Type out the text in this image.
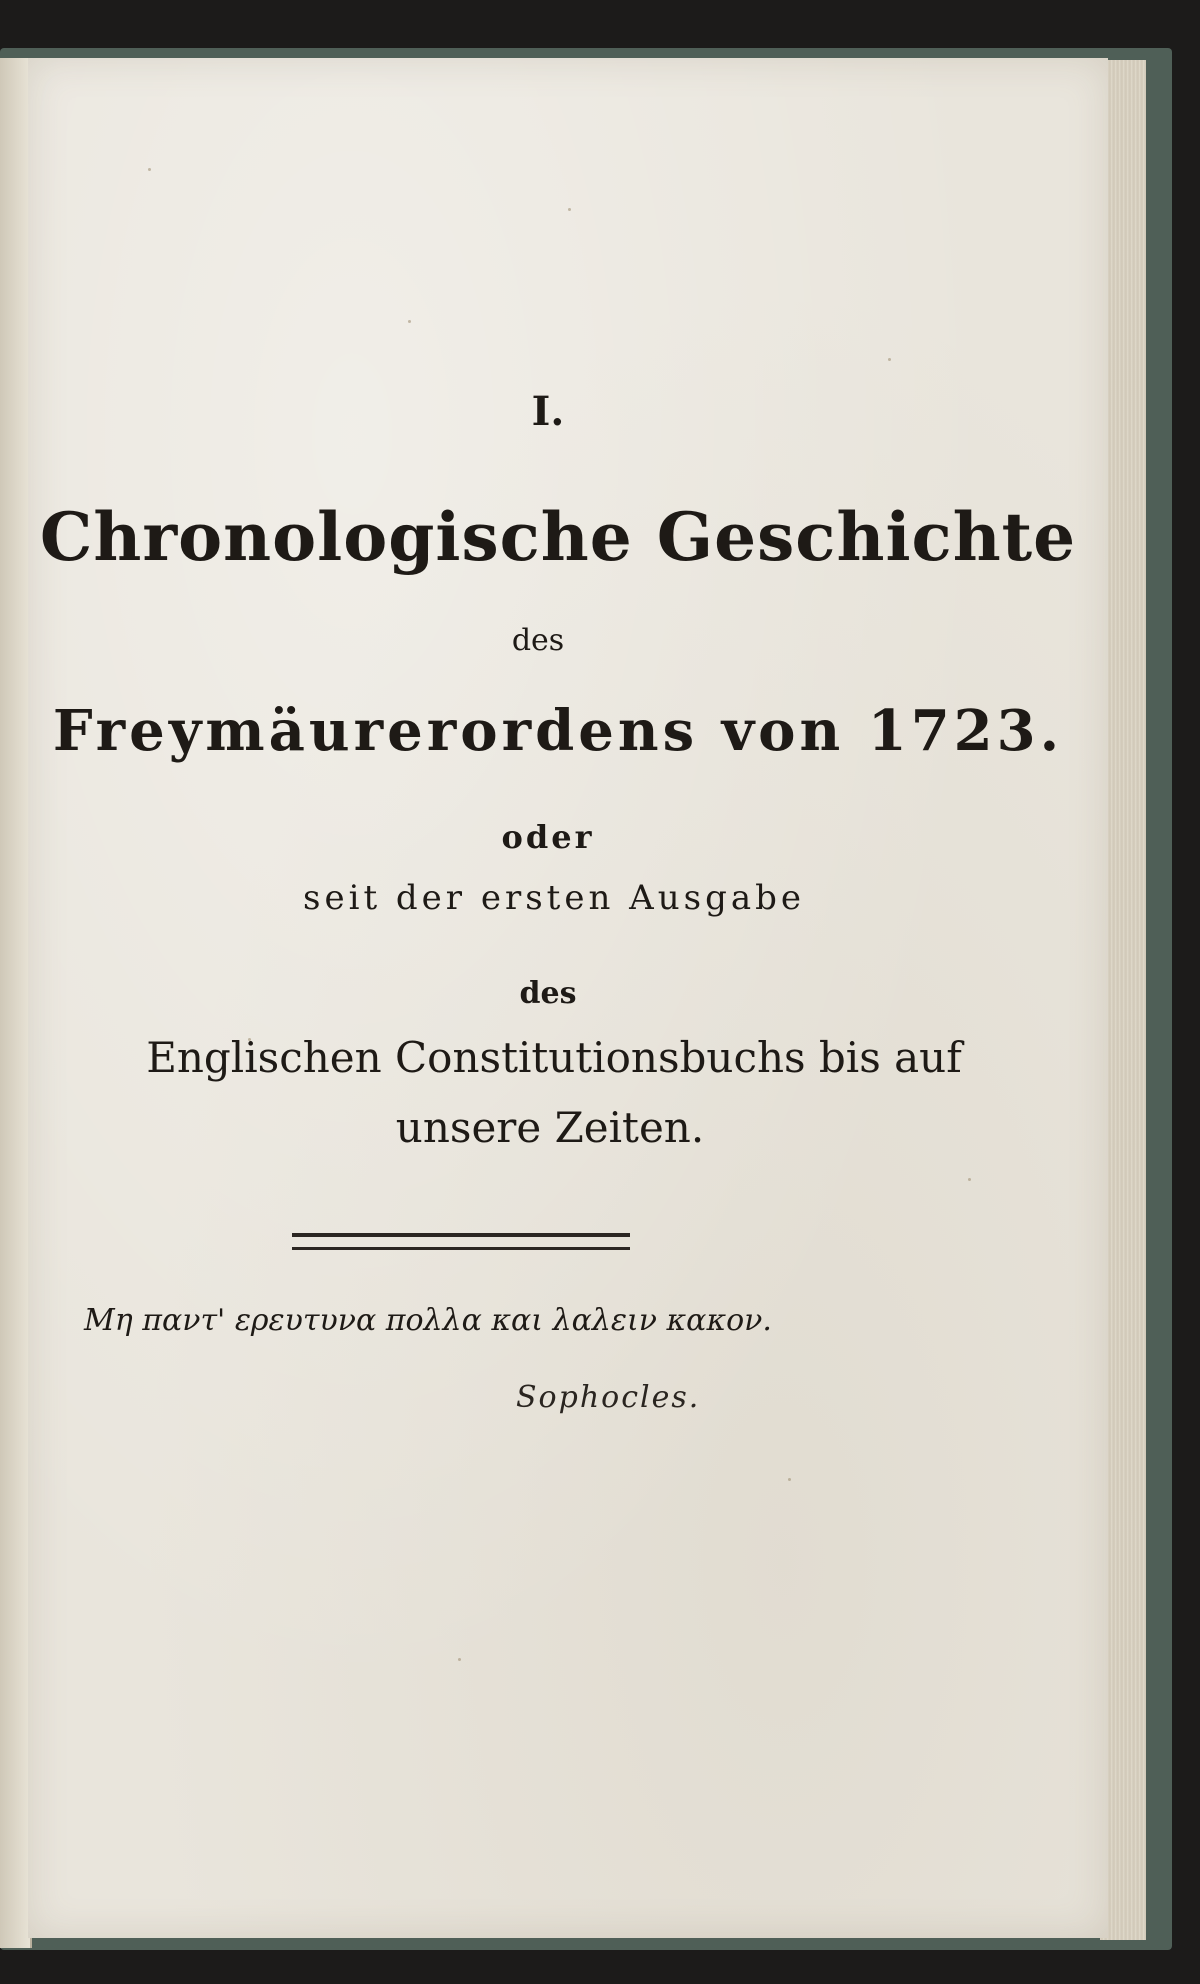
I.
Chronologische Geschichte
des
Freymäurerordens von 1723.
oder
seit der ersten Ausgabe
des
Englischen Constitutionsbuchs bis auf
unsere Zeiten.
Μη παντ' ερευτυνα πολλα και λαλειν κακον.
Sophocles.
